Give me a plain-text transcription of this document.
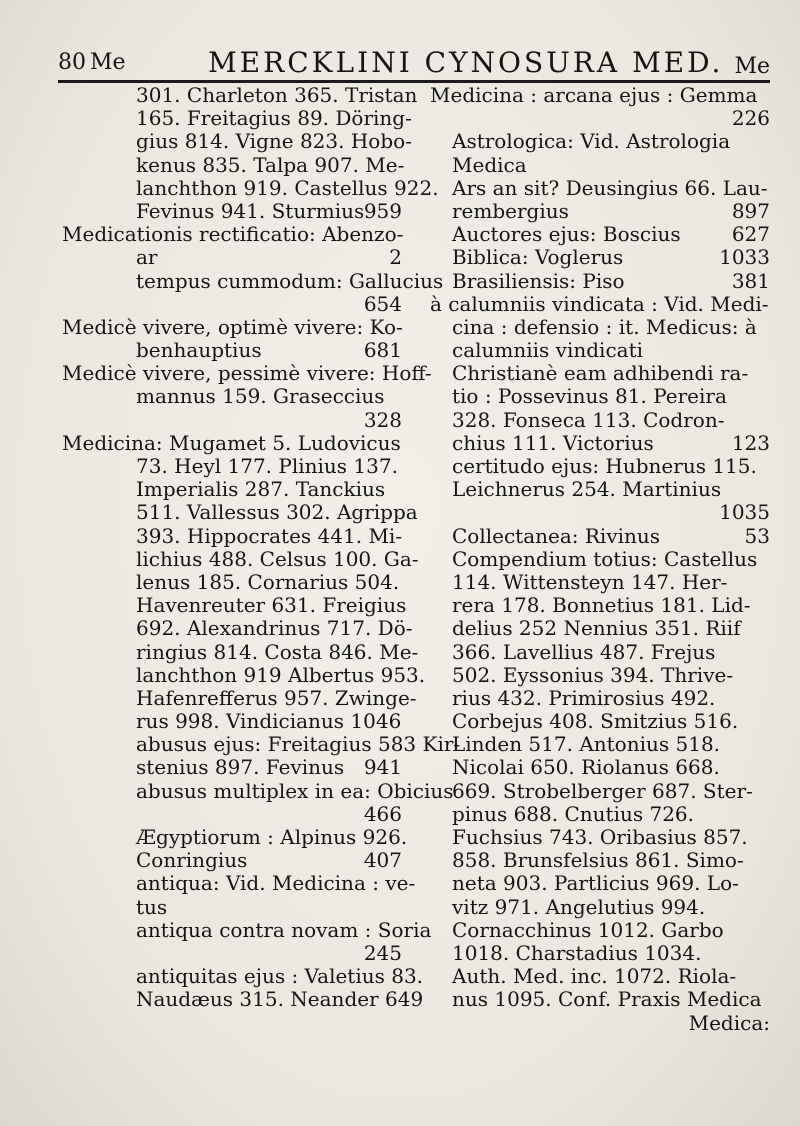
80 Me	MERCKLINI CYNOSURA MED. Me
301. Charleton 365. Tristan
165. Freitagius 89. Döring-
gius 814. Vigne 823. Hobo-
kenus 835. Talpa 907. Me-
lanchthon 919. Castellus 922.
Fevinus 941. Sturmius 959
Medicationis rectificatio: Abenzo-
ar	2
tempus cummodum: Gallucius
654
Medicè vivere, optimè vivere: Ko-
benhauptius	681
Medicè vivere, pessimè vivere: Hoff-
mannus 159. Graseccius
328
Medicina: Mugamet 5. Ludovicus
73. Heyl 177. Plinius 137.
Imperialis 287. Tanckius
511. Vallessus 302. Agrippa
393. Hippocrates 441. Mi-
lichius 488. Celsus 100. Ga-
lenus 185. Cornarius 504.
Havenreuter 631. Freigius
692. Alexandrinus 717. Dö-
ringius 814. Costa 846. Me-
lanchthon 919 Albertus 953.
Hafenrefferus 957. Zwinge-
rus 998. Vindicianus 1046
abusus ejus: Freitagius 583 Kir-
stenius 897. Fevinus 941
abusus multiplex in ea: Obicius
466
Ægyptiorum : Alpinus 926.
Conringius	407
antiqua: Vid. Medicina : ve-
tus
antiqua contra novam : Soria
245
antiquitas ejus : Valetius 83.
Naudæus 315. Neander 649
Medicina : arcana ejus : Gemma
226
Astrologica: Vid. Astrologia
Medica
Ars an sit? Deusingius 66. Lau-
rembergius	897
Auctores ejus: Boscius	627
Biblica: Voglerus	1033
Brasiliensis: Piso	381
à calumniis vindicata : Vid. Medi-
cina : defensio : it. Medicus: à
calumniis vindicati
Christianè eam adhibendi ra-
tio : Possevinus 81. Pereira
328. Fonseca 113. Codron-
chius 111. Victorius	123
certitudo ejus: Hubnerus 115.
Leichnerus 254. Martinius
1035
Collectanea: Rivinus	53
Compendium totius: Castellus
114. Wittensteyn 147. Her-
rera 178. Bonnetius 181. Lid-
delius 252 Nennius 351. Riif
366. Lavellius 487. Frejus
502. Eyssonius 394. Thrive-
rius 432. Primirosius 492.
Corbejus 408. Smitzius 516.
Linden 517. Antonius 518.
Nicolai 650. Riolanus 668.
669. Strobelberger 687. Ster-
pinus 688. Cnutius 726.
Fuchsius 743. Oribasius 857.
858. Brunsfelsius 861. Simo-
neta 903. Partlicius 969. Lo-
vitz 971. Angelutius 994.
Cornacchinus 1012. Garbo
1018. Charstadius 1034.
Auth. Med. inc. 1072. Riola-
nus 1095. Conf. Praxis Medica
Medica:
